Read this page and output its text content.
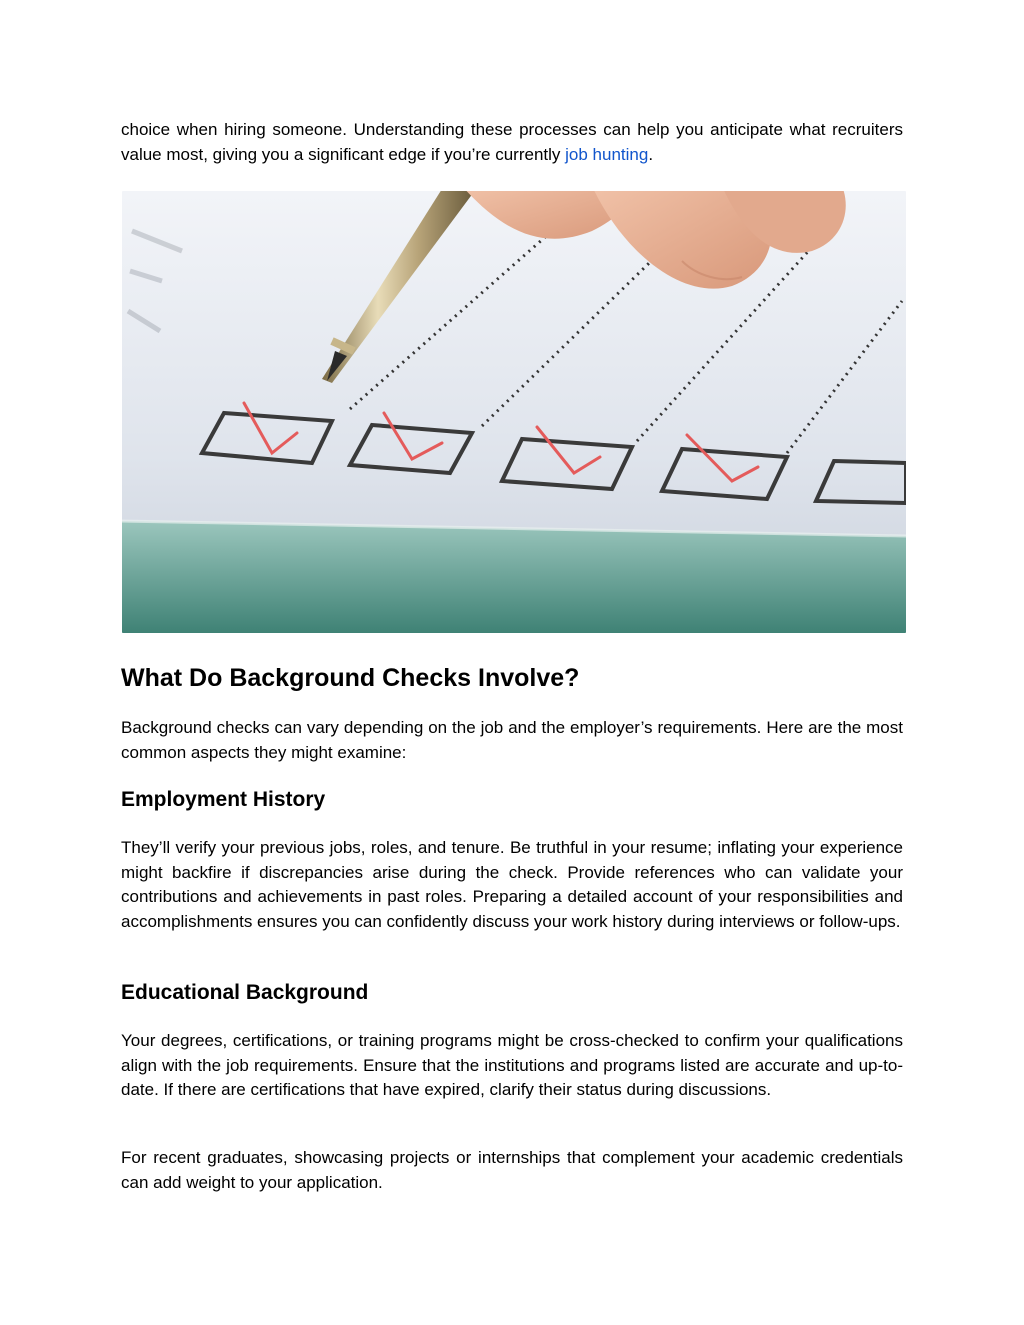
choice when hiring someone. Understanding these processes can help you anticipate what recruiters value most, giving you a significant edge if you’re currently job hunting.

What Do Background Checks Involve?

Background checks can vary depending on the job and the employer’s requirements. Here are the most common aspects they might examine:

Employment History

They’ll verify your previous jobs, roles, and tenure. Be truthful in your resume; inflating your experience might backfire if discrepancies arise during the check. Provide references who can validate your contributions and achievements in past roles. Preparing a detailed account of your responsibilities and accomplishments ensures you can confidently discuss your work history during interviews or follow-ups.

Educational Background

Your degrees, certifications, or training programs might be cross-checked to confirm your qualifications align with the job requirements. Ensure that the institutions and programs listed are accurate and up-to-date. If there are certifications that have expired, clarify their status during discussions.

For recent graduates, showcasing projects or internships that complement your academic credentials can add weight to your application.
